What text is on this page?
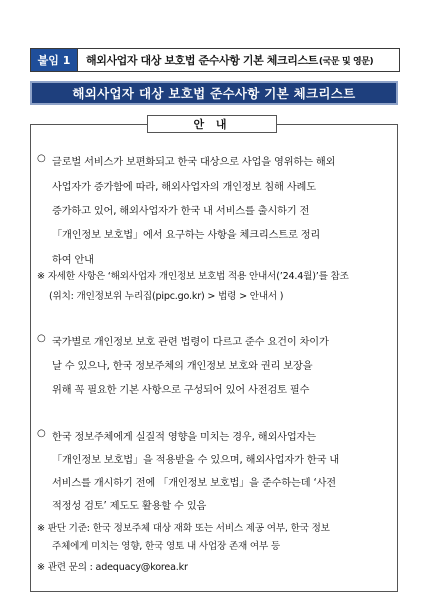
붙임 1	해외사업자 대상 보호법 준수사항 기본 체크리스트 (국문 및 영문)
해외사업자 대상 보호법 준수사항 기본 체크리스트
안 내
○ 글로벌 서비스가 보편화되고 한국 대상으로 사업을 영위하는 해외
사업자가 증가함에 따라, 해외사업자의 개인정보 침해 사례도
증가하고 있어, 해외사업자가 한국 내 서비스를 출시하기 전
「개인정보 보호법」에서 요구하는 사항을 체크리스트로 정리
하여 안내
※ 자세한 사항은 ‘해외사업자 개인정보 보호법 적용 안내서(’24.4월)’를 참조
(위치: 개인정보위 누리집(pipc.go.kr) > 법령 > 안내서 )
○ 국가별로 개인정보 보호 관련 법령이 다르고 준수 요건이 차이가
날 수 있으나, 한국 정보주체의 개인정보 보호와 권리 보장을
위해 꼭 필요한 기본 사항으로 구성되어 있어 사전검토 필수
○ 한국 정보주체에게 실질적 영향을 미치는 경우, 해외사업자는
「개인정보 보호법」을 적용받을 수 있으며, 해외사업자가 한국 내
서비스를 개시하기 전에 「개인정보 보호법」을 준수하는데 ‘사전
적정성 검토’ 제도도 활용할 수 있음
※ 판단 기준: 한국 정보주체 대상 재화 또는 서비스 제공 여부, 한국 정보
주체에게 미치는 영향, 한국 영토 내 사업장 존재 여부 등
※ 관련 문의 : adequacy@korea.kr
